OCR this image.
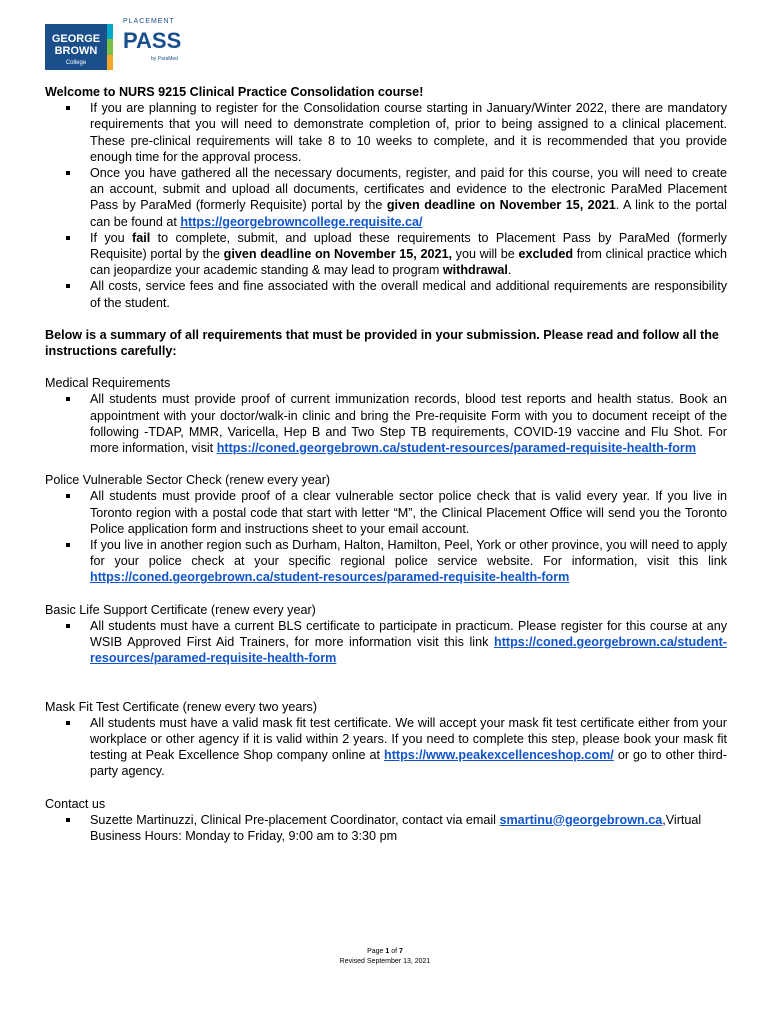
GEORGE
BROWN
College
PLACEMENT
PASS
by ParaMed

Welcome to NURS 9215 Clinical Practice Consolidation course!

If you are planning to register for the Consolidation course starting in January/Winter 2022, there are mandatory requirements that you will need to demonstrate completion of, prior to being assigned to a clinical placement. These pre-clinical requirements will take 8 to 10 weeks to complete, and it is recommended that you provide enough time for the approval process.
Once you have gathered all the necessary documents, register, and paid for this course, you will need to create an account, submit and upload all documents, certificates and evidence to the electronic ParaMed Placement Pass by ParaMed (formerly Requisite) portal by the given deadline on November 15, 2021. A link to the portal can be found at https://georgebrowncollege.requisite.ca/
If you fail to complete, submit, and upload these requirements to Placement Pass by ParaMed (formerly Requisite) portal by the given deadline on November 15, 2021, you will be excluded from clinical practice which can jeopardize your academic standing & may lead to program withdrawal.
All costs, service fees and fine associated with the overall medical and additional requirements are responsibility of the student.

Below is a summary of all requirements that must be provided in your submission. Please read and follow all the instructions carefully:

Medical Requirements

All students must provide proof of current immunization records, blood test reports and health status. Book an appointment with your doctor/walk-in clinic and bring the Pre-requisite Form with you to document receipt of the following -TDAP, MMR, Varicella, Hep B and Two Step TB requirements, COVID-19 vaccine and Flu Shot. For more information, visit https://coned.georgebrown.ca/student-resources/paramed-requisite-health-form

Police Vulnerable Sector Check (renew every year)

All students must provide proof of a clear vulnerable sector police check that is valid every year. If you live in Toronto region with a postal code that start with letter “M”, the Clinical Placement Office will send you the Toronto Police application form and instructions sheet to your email account.
If you live in another region such as Durham, Halton, Hamilton, Peel, York or other province, you will need to apply for your police check at your specific regional police service website. For information, visit this link https://coned.georgebrown.ca/student-resources/paramed-requisite-health-form

Basic Life Support Certificate (renew every year)

All students must have a current BLS certificate to participate in practicum. Please register for this course at any WSIB Approved First Aid Trainers, for more information visit this link https://coned.georgebrown.ca/student-resources/paramed-requisite-health-form

Mask Fit Test Certificate (renew every two years)

All students must have a valid mask fit test certificate. We will accept your mask fit test certificate either from your workplace or other agency if it is valid within 2 years. If you need to complete this step, please book your mask fit testing at Peak Excellence Shop company online at https://www.peakexcellenceshop.com/ or go to other third-party agency.

Contact us

Suzette Martinuzzi, Clinical Pre-placement Coordinator, contact via email smartinu@georgebrown.ca,Virtual Business Hours: Monday to Friday, 9:00 am to 3:30 pm
Page 1 of 7
Revised September 13, 2021
